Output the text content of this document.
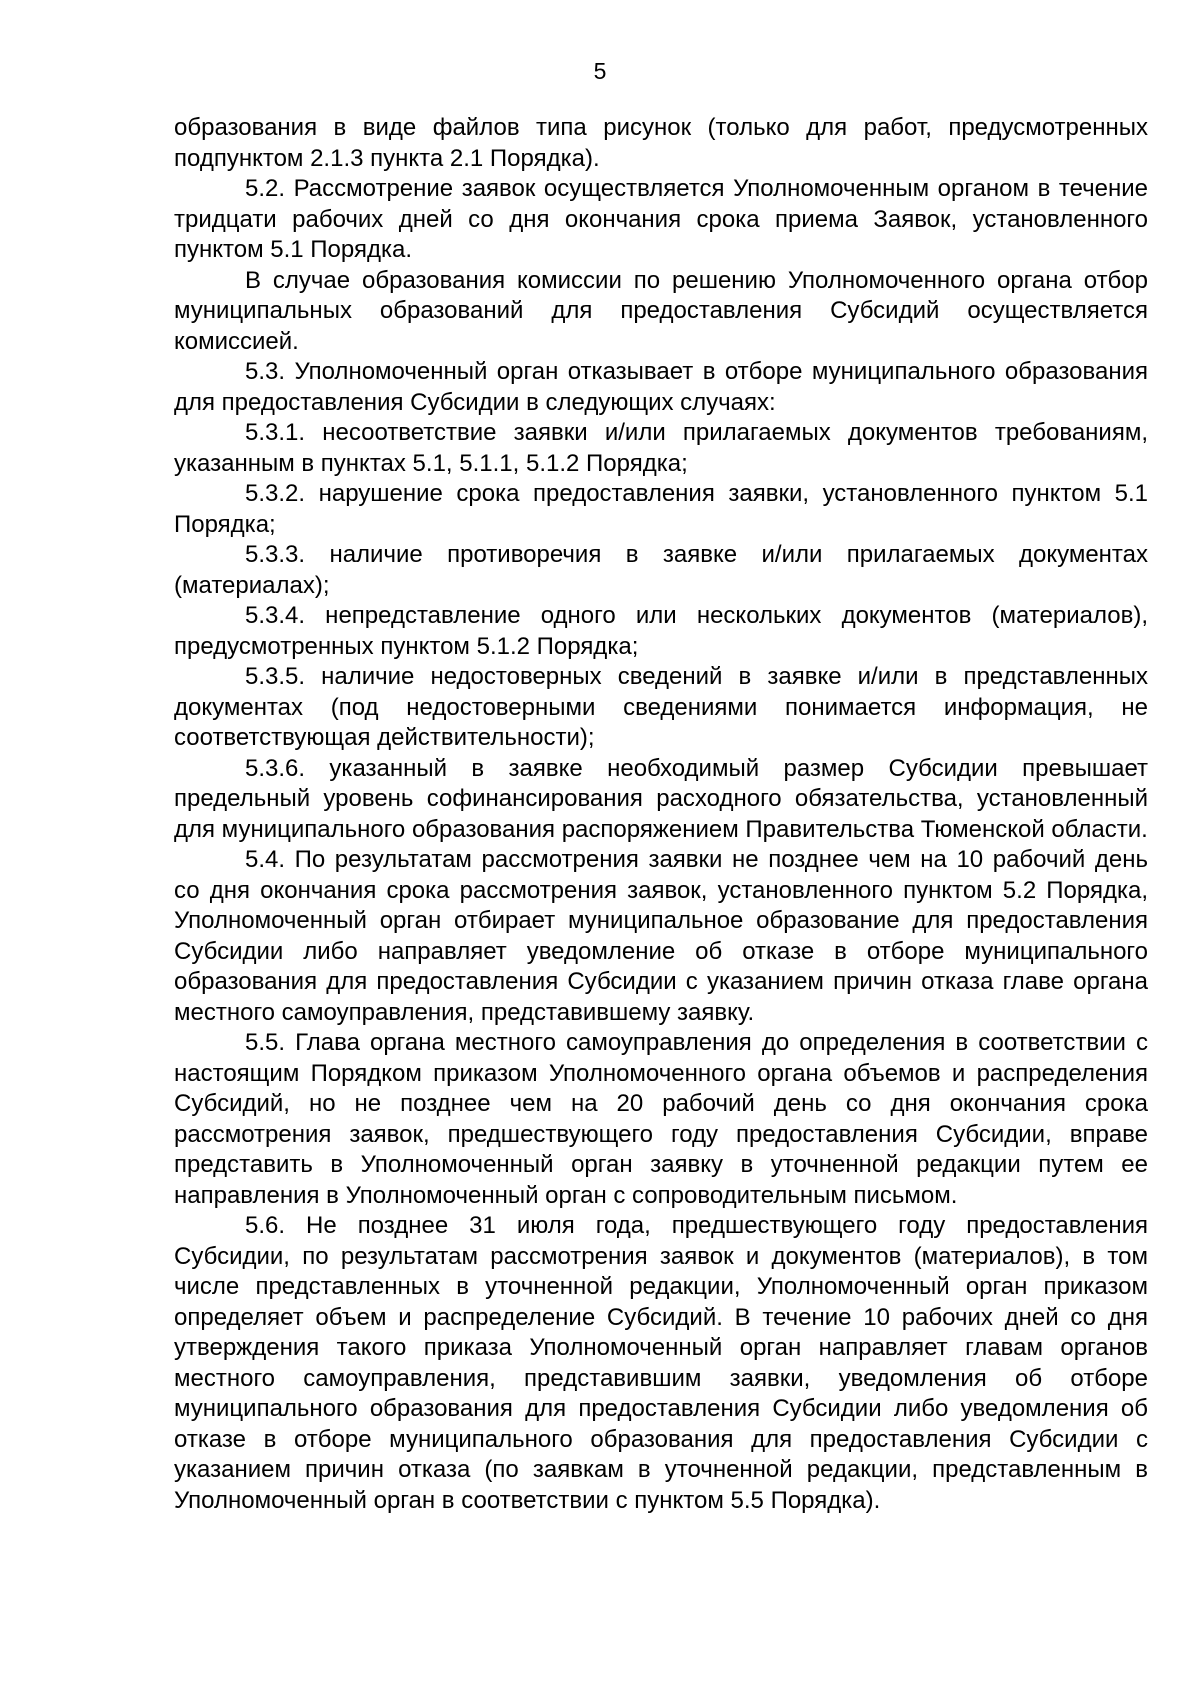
5

образования в виде файлов типа рисунок (только для работ, предусмотренных подпунктом 2.1.3 пункта 2.1 Порядка).

5.2. Рассмотрение заявок осуществляется Уполномоченным органом в течение тридцати рабочих дней со дня окончания срока приема Заявок, установленного пунктом 5.1 Порядка.

В случае образования комиссии по решению Уполномоченного органа отбор муниципальных образований для предоставления Субсидий осуществляется комиссией.

5.3. Уполномоченный орган отказывает в отборе муниципального образования для предоставления Субсидии в следующих случаях:

5.3.1. несоответствие заявки и/или прилагаемых документов требованиям, указанным в пунктах 5.1, 5.1.1, 5.1.2 Порядка;

5.3.2. нарушение срока предоставления заявки, установленного пунктом 5.1 Порядка;

5.3.3. наличие противоречия в заявке и/или прилагаемых документах (материалах);

5.3.4. непредставление одного или нескольких документов (материалов), предусмотренных пунктом 5.1.2 Порядка;

5.3.5. наличие недостоверных сведений в заявке и/или в представленных документах (под недостоверными сведениями понимается информация, не соответствующая действительности);

5.3.6. указанный в заявке необходимый размер Субсидии превышает предельный уровень софинансирования расходного обязательства, установленный для муниципального образования распоряжением Правительства Тюменской области.

5.4. По результатам рассмотрения заявки не позднее чем на 10 рабочий день со дня окончания срока рассмотрения заявок, установленного пунктом 5.2 Порядка, Уполномоченный орган отбирает муниципальное образование для предоставления Субсидии либо направляет уведомление об отказе в отборе муниципального образования для предоставления Субсидии с указанием причин отказа главе органа местного самоуправления, представившему заявку.

5.5. Глава органа местного самоуправления до определения в соответствии с настоящим Порядком приказом Уполномоченного органа объемов и распределения Субсидий, но не позднее чем на 20 рабочий день со дня окончания срока рассмотрения заявок, предшествующего году предоставления Субсидии, вправе представить в Уполномоченный орган заявку в уточненной редакции путем ее направления в Уполномоченный орган с сопроводительным письмом.

5.6. Не позднее 31 июля года, предшествующего году предоставления Субсидии, по результатам рассмотрения заявок и документов (материалов), в том числе представленных в уточненной редакции, Уполномоченный орган приказом определяет объем и распределение Субсидий. В течение 10 рабочих дней со дня утверждения такого приказа Уполномоченный орган направляет главам органов местного самоуправления, представившим заявки, уведомления об отборе муниципального образования для предоставления Субсидии либо уведомления об отказе в отборе муниципального образования для предоставления Субсидии с указанием причин отказа (по заявкам в уточненной редакции, представленным в Уполномоченный орган в соответствии с пунктом 5.5 Порядка).
